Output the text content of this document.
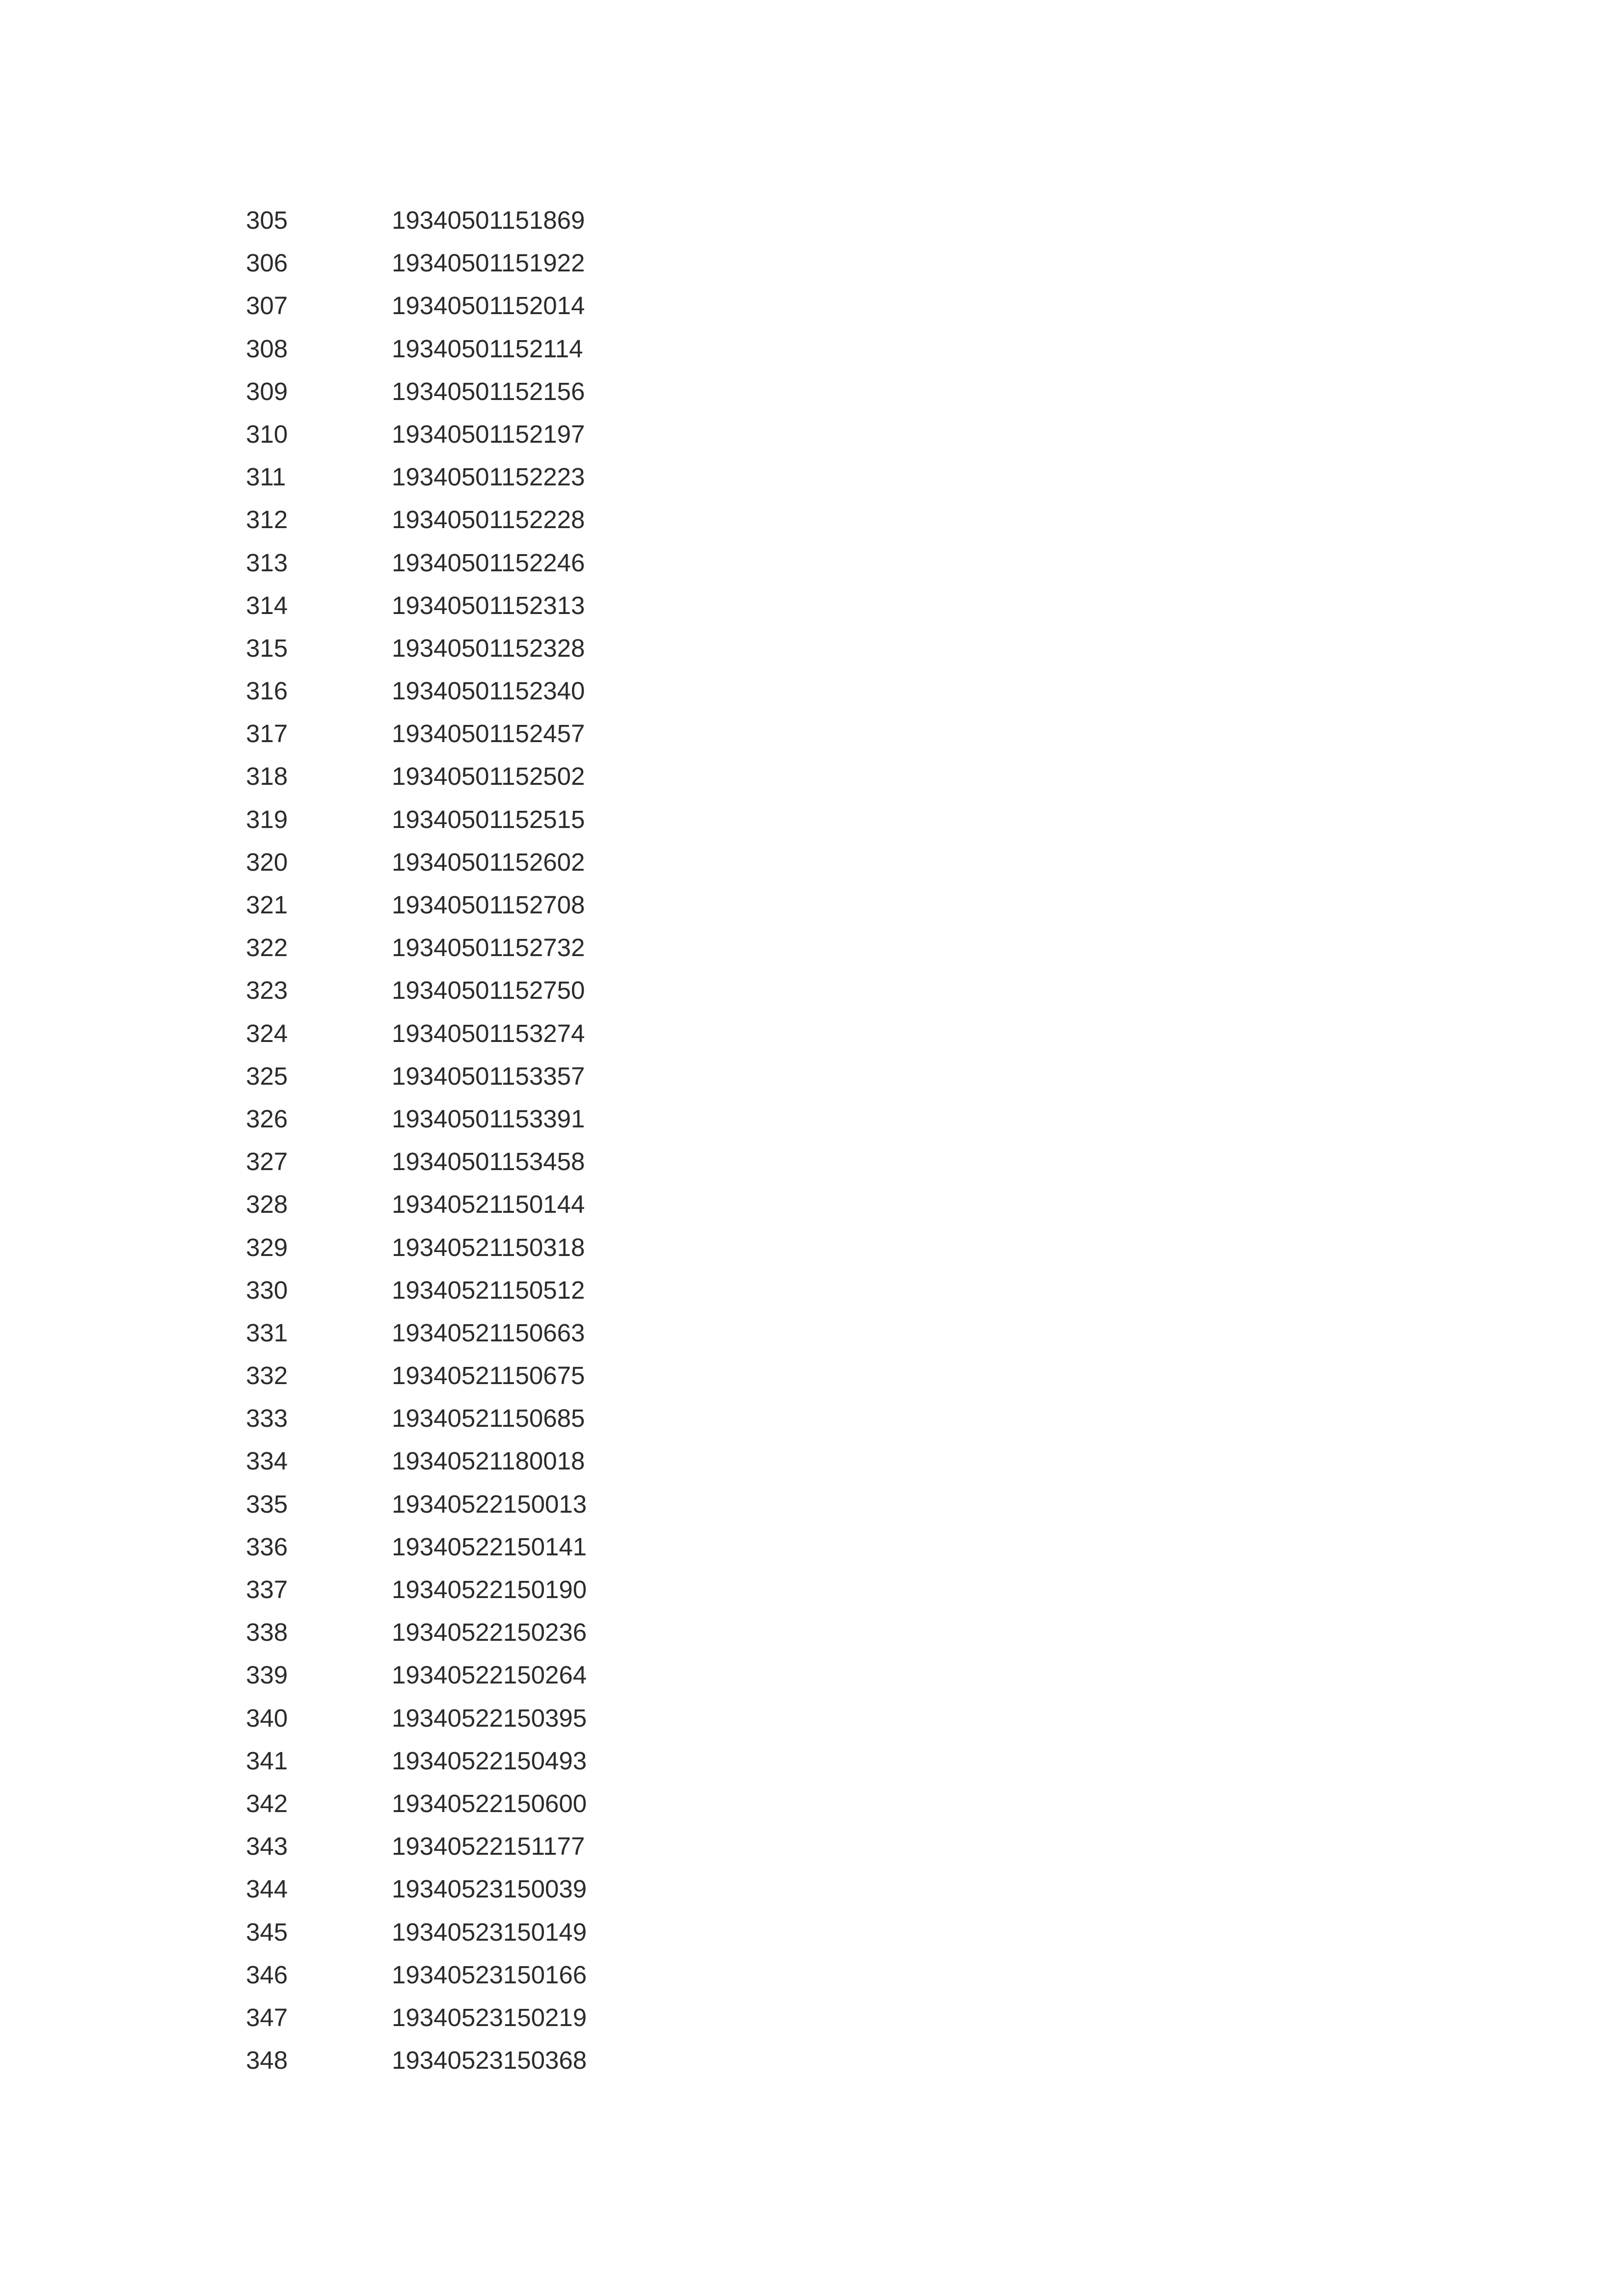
305	19340501151869
306	19340501151922
307	19340501152014
308	19340501152114
309	19340501152156
310	19340501152197
311	19340501152223
312	19340501152228
313	19340501152246
314	19340501152313
315	19340501152328
316	19340501152340
317	19340501152457
318	19340501152502
319	19340501152515
320	19340501152602
321	19340501152708
322	19340501152732
323	19340501152750
324	19340501153274
325	19340501153357
326	19340501153391
327	19340501153458
328	19340521150144
329	19340521150318
330	19340521150512
331	19340521150663
332	19340521150675
333	19340521150685
334	19340521180018
335	19340522150013
336	19340522150141
337	19340522150190
338	19340522150236
339	19340522150264
340	19340522150395
341	19340522150493
342	19340522150600
343	19340522151177
344	19340523150039
345	19340523150149
346	19340523150166
347	19340523150219
348	19340523150368
